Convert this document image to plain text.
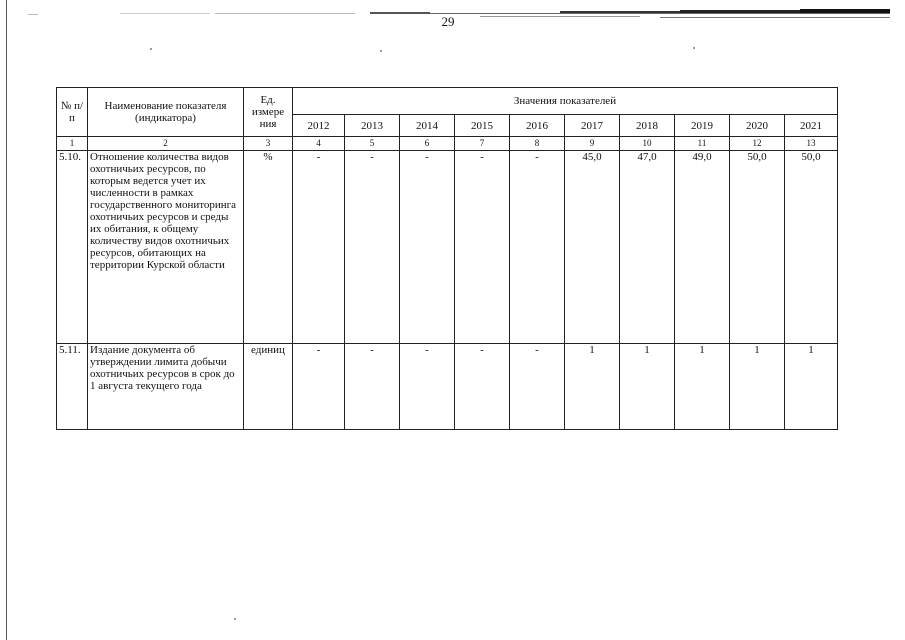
29
№ п/п	Наименование показателя (индикатора)	Ед. измере ния	Значения показателей									
			2012	2013	2014	2015	2016	2017	2018	2019	2020	2021
1	2	3	4	5	6	7	8	9	10	11	12	13
5.10.	Отношение количества видов охотничьих ресурсов, по которым ведется учет их численности в рамках государственного мониторинга охотничьих ресурсов и среды их обитания, к общему количеству видов охотничьих ресурсов, обитающих на территории Курской области	%	-	-	-	-	-	45,0	47,0	49,0	50,0	50,0
5.11.	Издание документа об утверждении лимита добычи охотничьих ресурсов в срок до 1 августа текущего года	единиц	-	-	-	-	-	1	1	1	1	1
